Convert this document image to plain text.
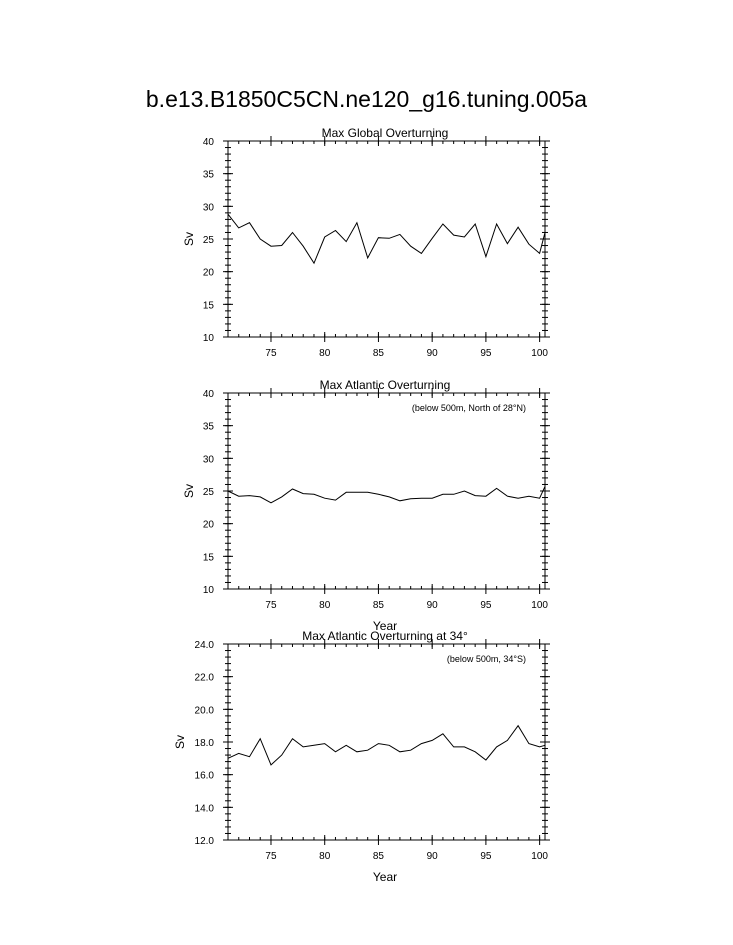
b.e13.B1850C5CN.ne120_g16.tuning.005a
75	80	85	90	95	100
10
15
20
25
30
35
40
Max Global Overturning
Sv
75	80	85	90	95	100
10
15
20
25
30
35
40
Max Atlantic Overturning
(below 500m, North of 28°N)
Year
Sv
75	80	85	90	95	100
12.0
14.0
16.0
18.0
20.0
22.0
24.0
Max Atlantic Overturning at 34°
(below 500m, 34°S)
Year
Sv
